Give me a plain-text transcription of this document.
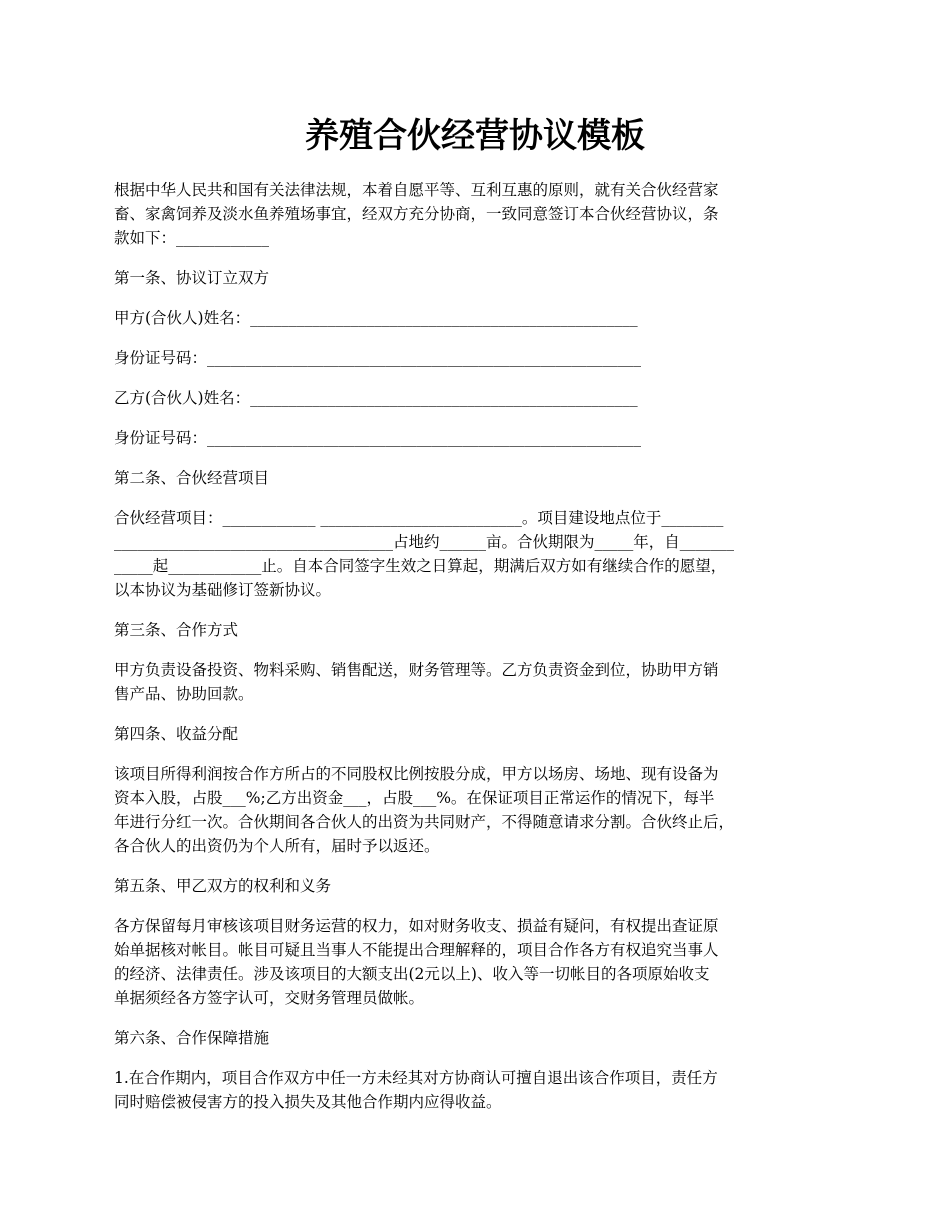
养殖合伙经营协议模板
根据中华人民共和国有关法律法规，本着自愿平等、互利互惠的原则，就有关合伙经营家
畜、家禽饲养及淡水鱼养殖场事宜，经双方充分协商，一致同意签订本合伙经营协议，条
款如下：____________
第一条、协议订立双方
甲方(合伙人)姓名：__________________________________________________
身份证号码：________________________________________________________
乙方(合伙人)姓名：__________________________________________________
身份证号码：________________________________________________________
第二条、合伙经营项目
合伙经营项目：____________ __________________________。项目建设地点位于________
____________________________________占地约______亩。合伙期限为_____年，自_______
_____起____________止。自本合同签字生效之日算起，期满后双方如有继续合作的愿望，
以本协议为基础修订签新协议。
第三条、合作方式
甲方负责设备投资、物料采购、销售配送，财务管理等。乙方负责资金到位，协助甲方销
售产品、协助回款。
第四条、收益分配
该项目所得利润按合作方所占的不同股权比例按股分成，甲方以场房、场地、现有设备为
资本入股，占股___%;乙方出资金___，占股___%。在保证项目正常运作的情况下，每半
年进行分红一次。合伙期间各合伙人的出资为共同财产，不得随意请求分割。合伙终止后，
各合伙人的出资仍为个人所有，届时予以返还。
第五条、甲乙双方的权利和义务
各方保留每月审核该项目财务运营的权力，如对财务收支、损益有疑问，有权提出查证原
始单据核对帐目。帐目可疑且当事人不能提出合理解释的，项目合作各方有权追究当事人
的经济、法律责任。涉及该项目的大额支出(2元以上)、收入等一切帐目的各项原始收支
单据须经各方签字认可，交财务管理员做帐。
第六条、合作保障措施
1.在合作期内，项目合作双方中任一方未经其对方协商认可擅自退出该合作项目，责任方
同时赔偿被侵害方的投入损失及其他合作期内应得收益。
